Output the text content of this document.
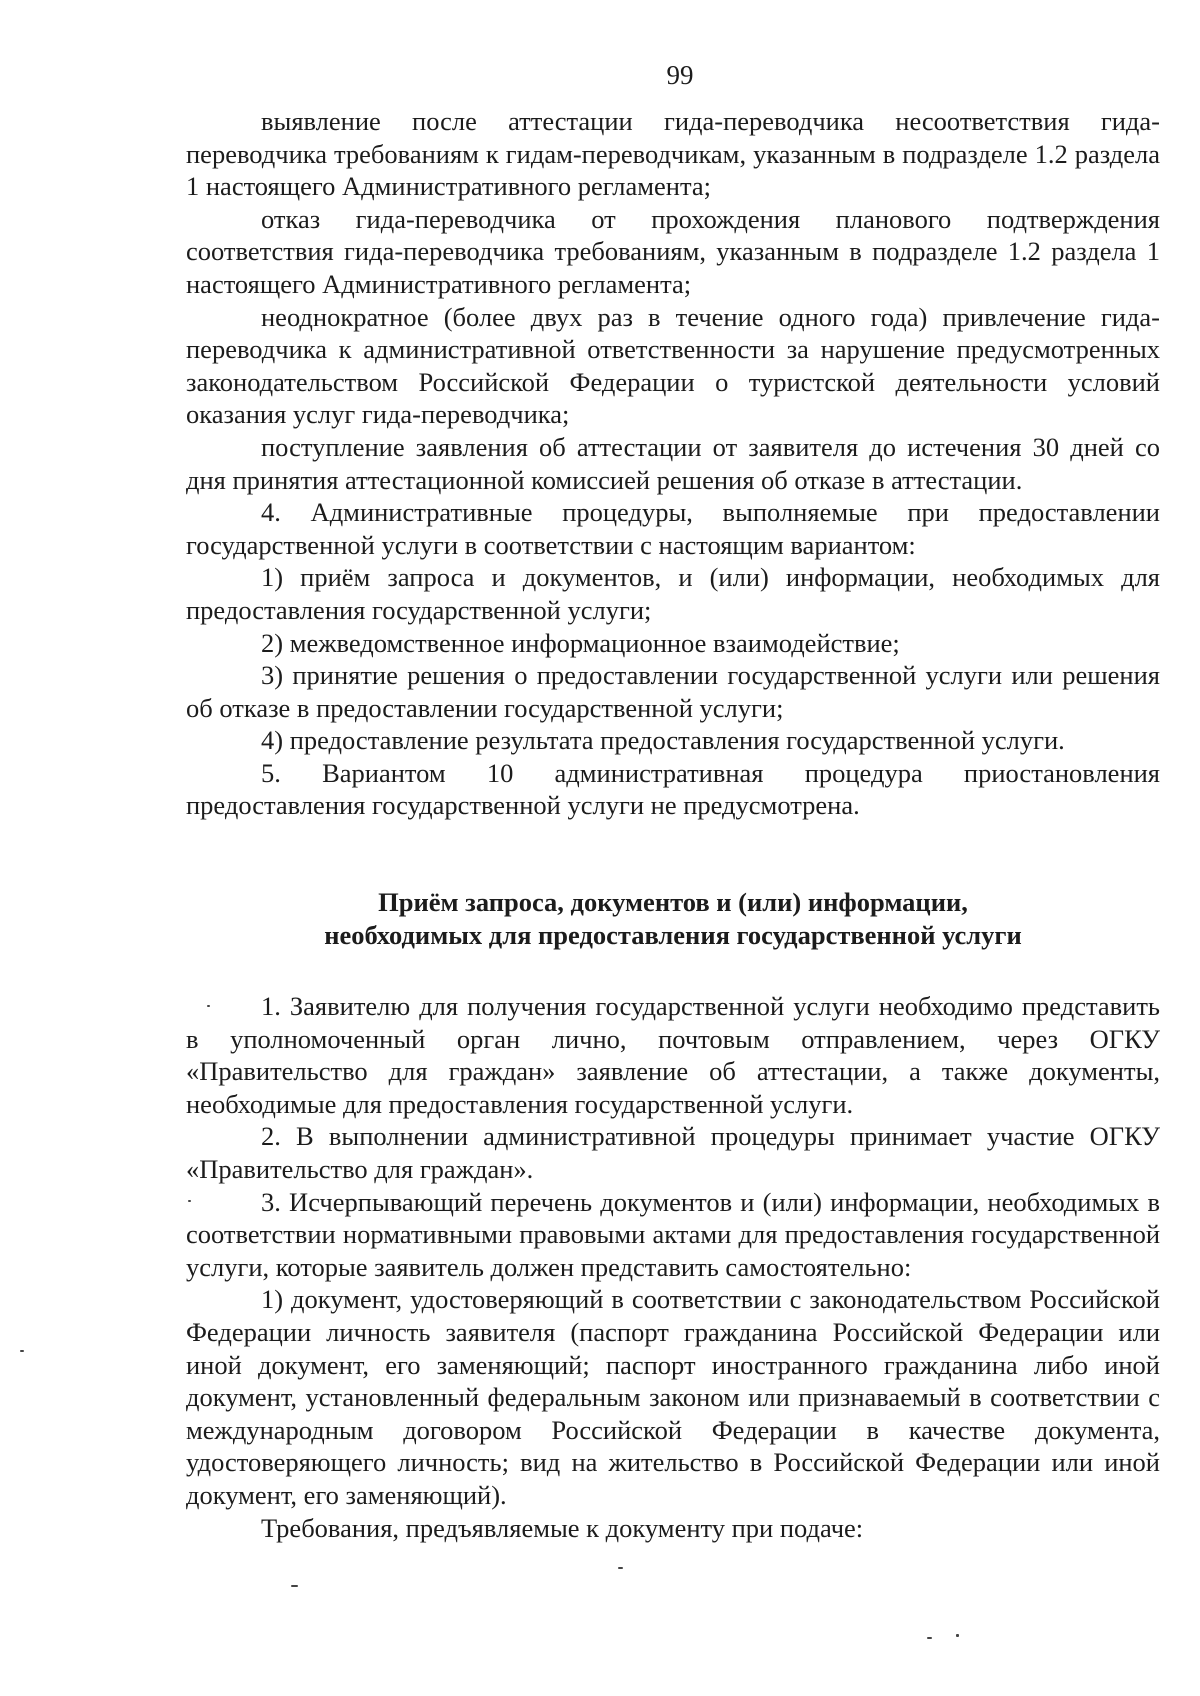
99

выявление после аттестации гида-переводчика несоответствия гида-переводчика требованиям к гидам-переводчикам, указанным в подразделе 1.2 раздела 1 настоящего Административного регламента;

отказ гида-переводчика от прохождения планового подтверждения соответствия гида-переводчика требованиям, указанным в подразделе 1.2 раздела 1 настоящего Административного регламента;

неоднократное (более двух раз в течение одного года) привлечение гида-переводчика к административной ответственности за нарушение предусмотренных законодательством Российской Федерации о туристской деятельности условий оказания услуг гида-переводчика;

поступление заявления об аттестации от заявителя до истечения 30 дней со дня принятия аттестационной комиссией решения об отказе в аттестации.

4. Административные процедуры, выполняемые при предоставлении государственной услуги в соответствии с настоящим вариантом:

1) приём запроса и документов, и (или) информации, необходимых для предоставления государственной услуги;

2) межведомственное информационное взаимодействие;

3) принятие решения о предоставлении государственной услуги или решения об отказе в предоставлении государственной услуги;

4) предоставление результата предоставления государственной услуги.

5. Вариантом 10 административная процедура приостановления предоставления государственной услуги не предусмотрена.

Приём запроса, документов и (или) информации,
необходимых для предоставления государственной услуги

1. Заявителю для получения государственной услуги необходимо представить в уполномоченный орган лично, почтовым отправлением, через ОГКУ «Правительство для граждан» заявление об аттестации, а также документы, необходимые для предоставления государственной услуги.

2. В выполнении административной процедуры принимает участие ОГКУ «Правительство для граждан».

3. Исчерпывающий перечень документов и (или) информации, необходимых в соответствии нормативными правовыми актами для предоставления государственной услуги, которые заявитель должен представить самостоятельно:

1) документ, удостоверяющий в соответствии с законодательством Российской Федерации личность заявителя (паспорт гражданина Российской Федерации или иной документ, его заменяющий; паспорт иностранного гражданина либо иной документ, установленный федеральным законом или признаваемый в соответствии с международным договором Российской Федерации в качестве документа, удостоверяющего личность; вид на жительство в Российской Федерации или иной документ, его заменяющий).

Требования, предъявляемые к документу при подаче:
